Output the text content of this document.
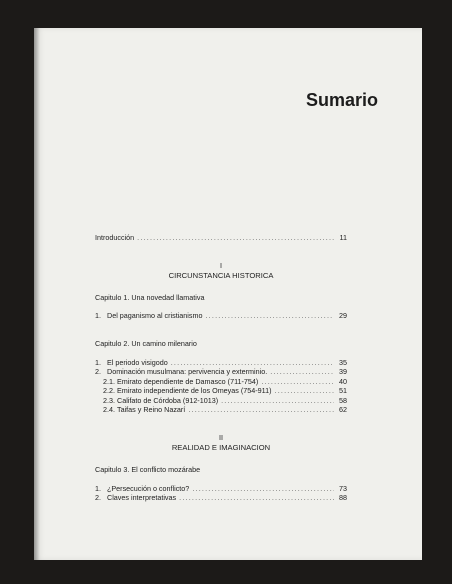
Sumario
Introducción .....	11
I
CIRCUNSTANCIA HISTORICA
Capitulo 1. Una novedad llamativa
1. Del paganismo al cristianismo .....	29
Capitulo 2. Un camino milenario
1. El periodo visigodo .....	35
2. Dominación musulmana: pervivencia y exterminio. .....	39
2.1. Emirato dependiente de Damasco (711-754) .....	40
2.2. Emirato independiente de los Omeyas (754-911) .....	51
2.3. Califato de Córdoba (912-1013) .....	58
2.4. Taifas y Reino Nazarí .....	62
II
REALIDAD E IMAGINACION
Capitulo 3. El conflicto mozárabe
1. ¿Persecución o conflicto? .....	73
2. Claves interpretativas .....	88
